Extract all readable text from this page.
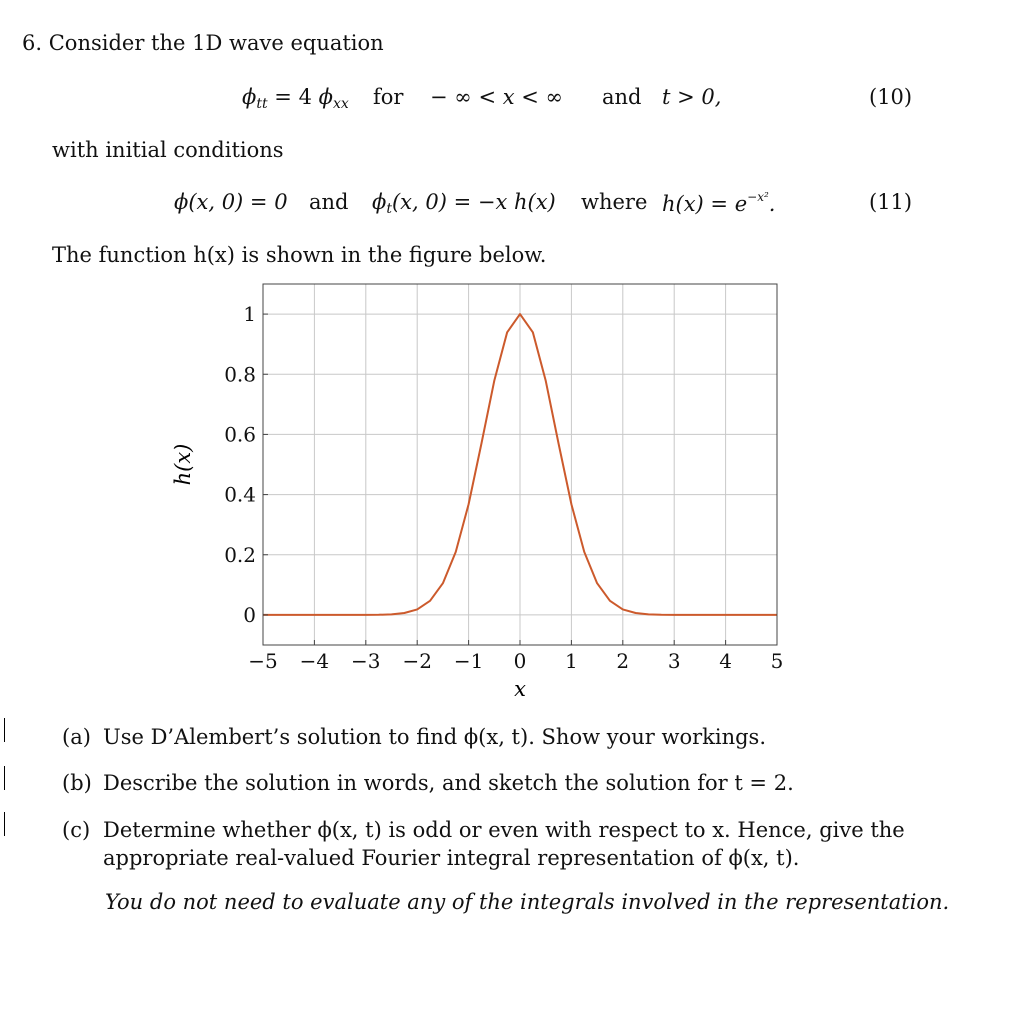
6. Consider the 1D wave equation
$\phi_{tt} = 4$ $\phi_{xx}$ for − ∞ < x < ∞ and t > 0,	(10)
with initial conditions
ϕ(x, 0) = 0 and $\phi_t(x$, 0) = −x h(x) where $h(x) = e^{-x^2}$.	(11)
The function h(x) is shown in the figure below.
−5 −4 −3 −2 −1 0 1 2 3 4 5
0
0.2
0.4
0.6
0.8
1
x
h(x)
(a) Use D’Alembert’s solution to find ϕ(x, t). Show your workings.
(b) Describe the solution in words, and sketch the solution for t = 2.
(c) Determine whether ϕ(x, t) is odd or even with respect to x. Hence, give the
appropriate real-valued Fourier integral representation of ϕ(x, t).
You do not need to evaluate any of the integrals involved in the representation.
